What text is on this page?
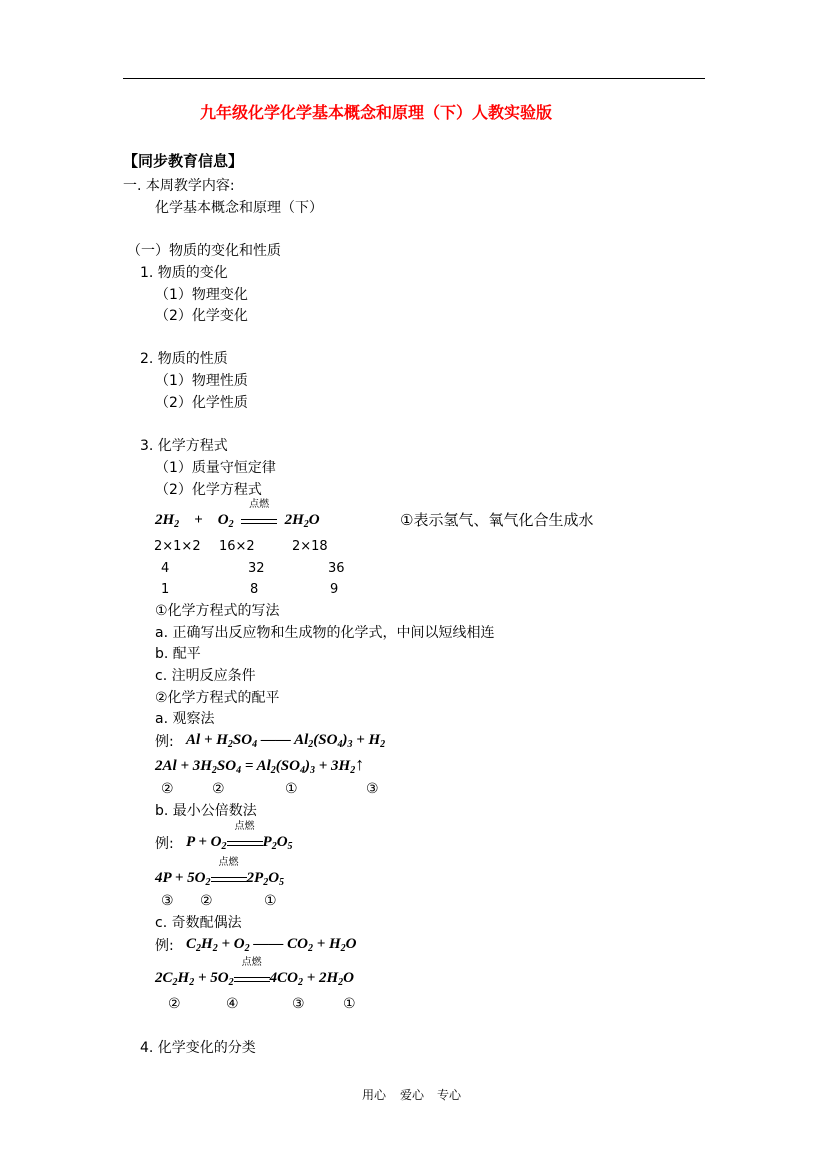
九年级化学化学基本概念和原理（下）人教实验版
【同步教育信息】
一. 本周教学内容:
化学基本概念和原理（下）
（一）物质的变化和性质
1. 物质的变化
（1）物理变化
（2）化学变化
2. 物质的性质
（1）物理性质
（2）化学性质
3. 化学方程式
（1）质量守恒定律
（2）化学方程式
$2H_2$    +    $O_2$
点燃
$2H_2O$	①表示氢气、氧气化合生成水
2×1×2 16×2	2×18
4	32	36
1	8	9
①化学方程式的写法
a. 正确写出反应物和生成物的化学式，中间以短线相连
b. 配平
c. 注明反应条件
②化学方程式的配平
a. 观察法
例: $Al + H_2SO_4$ ―― $Al_2(SO_4)_3 + H_2$
$2Al + 3H_2SO_4 = Al_2(SO_4)_3$ + $3H_2↑$
②	②	①	③
b. 最小公倍数法
例: $P + O_2$
点燃
$P_2O_5$
$4P + 5O_2$
点燃
$2P_2O_5$
③ ②	①
c. 奇数配偶法
例: $C_2H_2 + O_2$ ―― $CO_2 + H_2O$
$2C_2H_2 + 5O_2$
点燃
$4CO_2 + 2H_2O$
②	④	③	①
4. 化学变化的分类
用心 爱心 专心
